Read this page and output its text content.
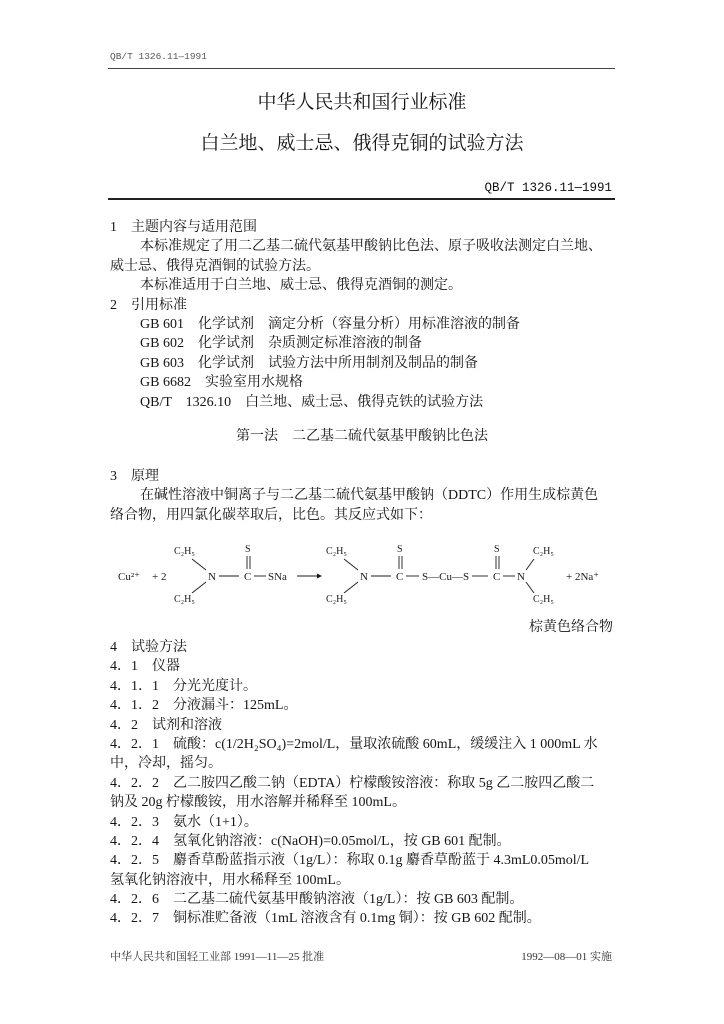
QB/T 1326.11—1991
中华人民共和国行业标准
白兰地、威士忌、俄得克铜的试验方法
QB/T 1326.11—1991
1　主题内容与适用范围
本标准规定了用二乙基二硫代氨基甲酸钠比色法、原子吸收法测定白兰地、
威士忌、俄得克酒铜的试验方法。
本标准适用于白兰地、威士忌、俄得克酒铜的测定。
2　引用标准
GB 601　化学试剂　滴定分析（容量分析）用标准溶液的制备
GB 602　化学试剂　杂质测定标准溶液的制备
GB 603　化学试剂　试验方法中所用制剂及制品的制备
GB 6682　实验室用水规格
QB/T　1326.10　白兰地、威士忌、俄得克铁的试验方法
第一法　二乙基二硫代氨基甲酸钠比色法
3　原理
在碱性溶液中铜离子与二乙基二硫代氨基甲酸钠（DDTC）作用生成棕黄色
络合物，用四氯化碳萃取后，比色。其反应式如下：
Cu²⁺ + 2
C₂H₅
C₂H₅
N	C
S
SNa
C₂H₅
C₂H₅
N	C
S
S—Cu—S C
S
N
C₂H₅
C₂H₅
+ 2Na⁺
棕黄色络合物
4　试验方法
4．1　仪器
4．1．1　分光光度计。
4．1．2　分液漏斗：125mL。
4．2　试剂和溶液
4．2．1　硫酸：c(1/2H₂SO₄)=2mol/L，量取浓硫酸 60mL，缓缓注入 1 000mL 水
中，冷却，摇匀。
4．2．2　乙二胺四乙酸二钠（EDTA）柠檬酸铵溶液：称取 5g 乙二胺四乙酸二
钠及 20g 柠檬酸铵，用水溶解并稀释至 100mL。
4．2．3　氨水（1+1）。
4．2．4　氢氧化钠溶液：c(NaOH)=0.05mol/L，按 GB 601 配制。
4．2．5　麝香草酚蓝指示液（1g/L）：称取 0.1g 麝香草酚蓝于 4.3mL0.05mol/L
氢氧化钠溶液中，用水稀释至 100mL。
4．2．6　二乙基二硫代氨基甲酸钠溶液（1g/L）：按 GB 603 配制。
4．2．7　铜标准贮备液（1mL 溶液含有 0.1mg 铜）：按 GB 602 配制。
中华人民共和国轻工业部 1991—11—25 批准	1992—08—01 实施
